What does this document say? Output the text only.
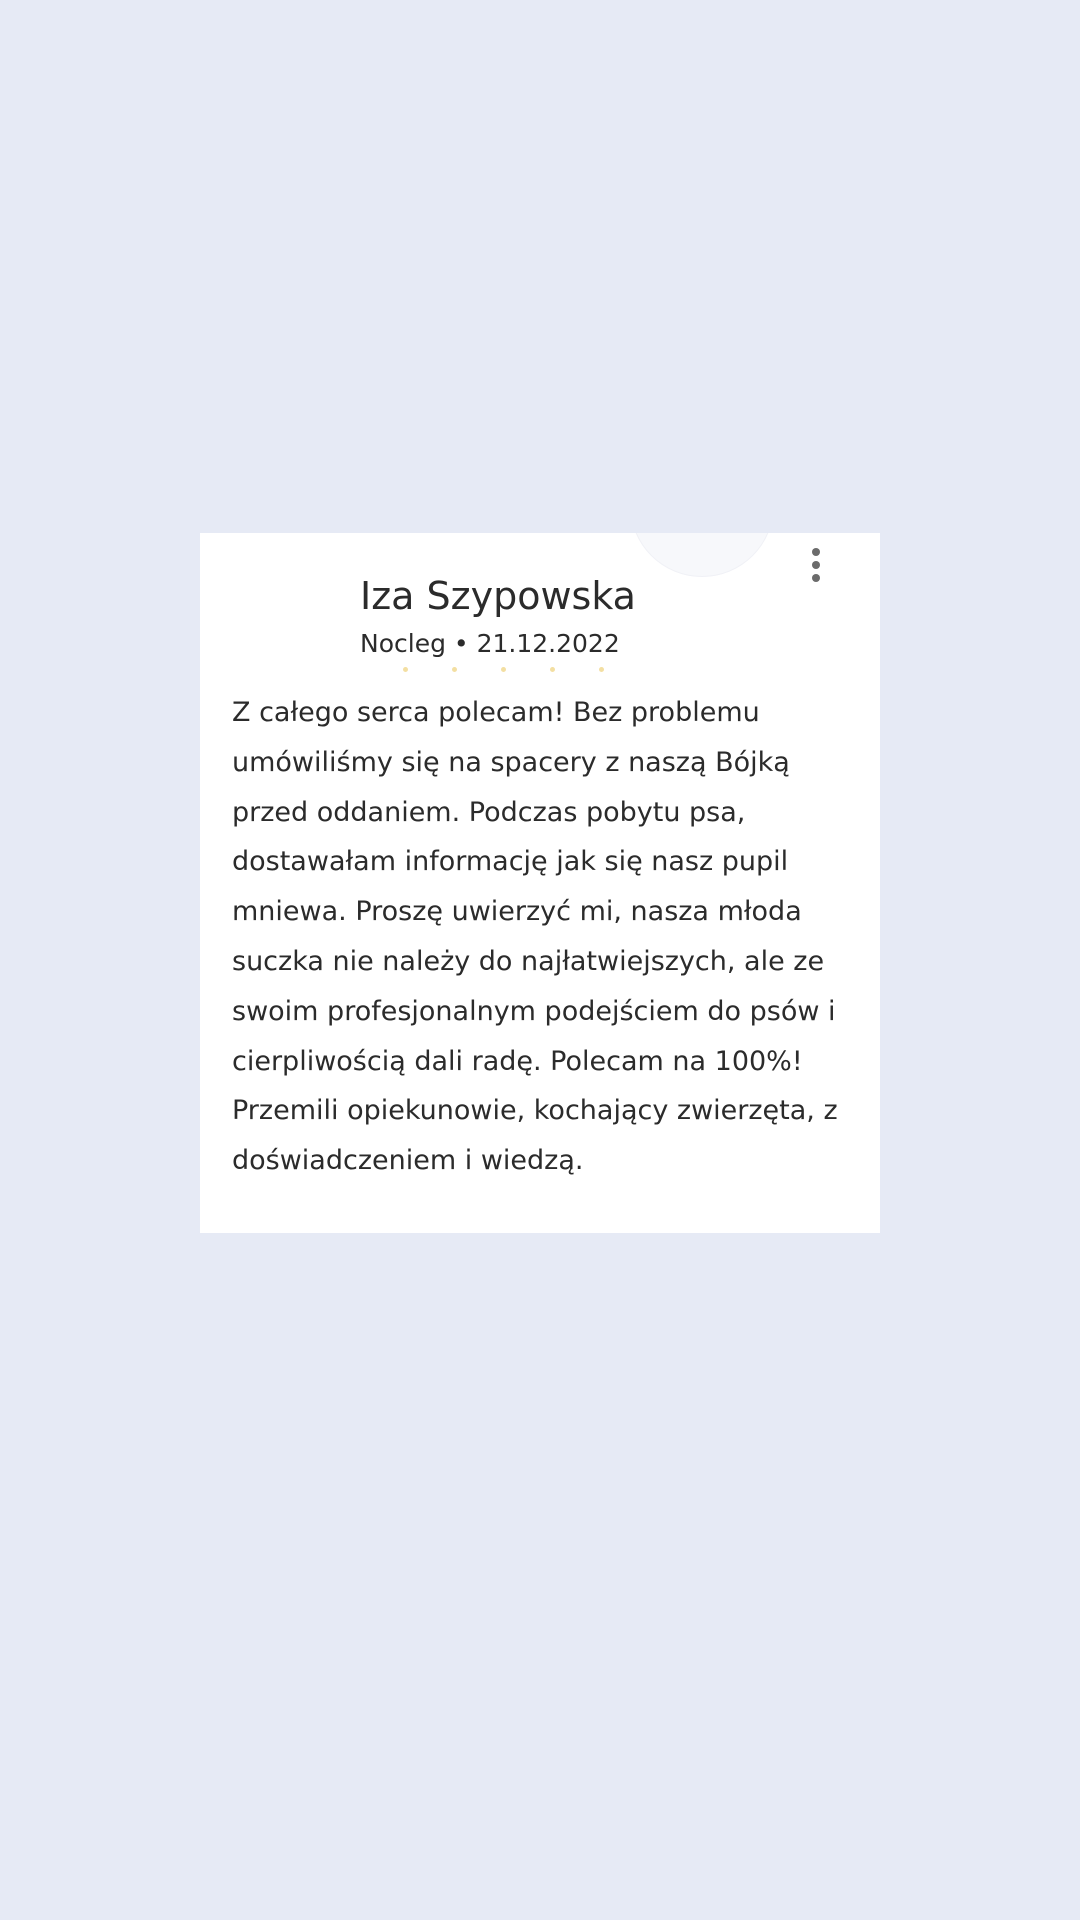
Iza Szypowska
Nocleg • 21.12.2022

Z całego serca polecam! Bez problemu umówiliśmy się na spacery z naszą Bójką przed oddaniem. Podczas pobytu psa, dostawałam informację jak się nasz pupil mniewa. Proszę uwierzyć mi, nasza młoda suczka nie należy do najłatwiejszych, ale ze swoim profesjonalnym podejściem do psów i cierpliwością dali radę. Polecam na 100%! Przemili opiekunowie, kochający zwierzęta, z doświadczeniem i wiedzą.
